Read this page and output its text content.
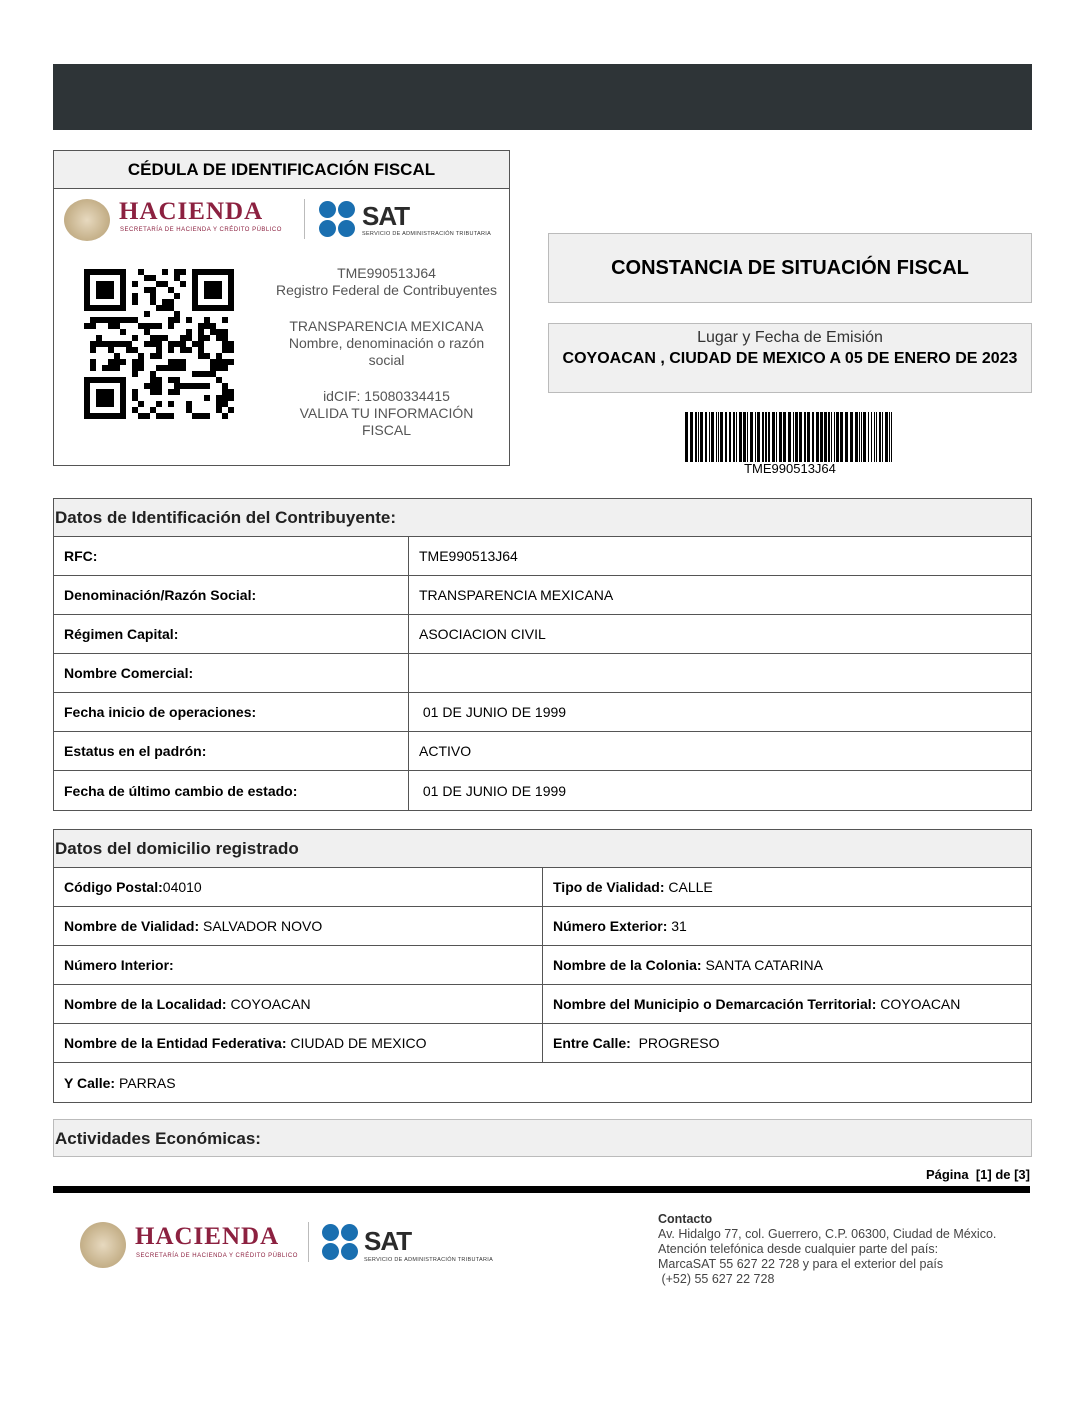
CÉDULA DE IDENTIFICACIÓN FISCAL
HACIENDA
SECRETARÍA DE HACIENDA Y CRÉDITO PÚBLICO	SAT
SERVICIO DE ADMINISTRACIÓN TRIBUTARIA
TME990513J64
Registro Federal de Contribuyentes
TRANSPARENCIA MEXICANA
Nombre, denominación o razón social
idCIF: 15080334415
VALIDA TU INFORMACIÓN FISCAL
CONSTANCIA DE SITUACIÓN FISCAL
Lugar y Fecha de Emisión
COYOACAN , CIUDAD DE MEXICO A 05 DE ENERO DE 2023
TME990513J64
Datos de Identificación del Contribuyente:
RFC:	TME990513J64
Denominación/Razón Social:	TRANSPARENCIA MEXICANA
Régimen Capital:	ASOCIACION CIVIL
Nombre Comercial:
Fecha inicio de operaciones:	01 DE JUNIO DE 1999
Estatus en el padrón:	ACTIVO
Fecha de último cambio de estado:	01 DE JUNIO DE 1999
Datos del domicilio registrado
Código Postal: 04010	Tipo de Vialidad: CALLE
Nombre de Vialidad: SALVADOR NOVO	Número Exterior: 31
Número Interior:	Nombre de la Colonia: SANTA CATARINA
Nombre de la Localidad: COYOACAN	Nombre del Municipio o Demarcación Territorial: COYOACAN
Nombre de la Entidad Federativa: CIUDAD DE MEXICO	Entre Calle: PROGRESO
Y Calle: PARRAS
Actividades Económicas:
Página  [1] de [3]
HACIENDA
SECRETARÍA DE HACIENDA Y CRÉDITO PÚBLICO	SAT
SERVICIO DE ADMINISTRACIÓN TRIBUTARIA
Contacto
Av. Hidalgo 77, col. Guerrero, C.P. 06300, Ciudad de México.
Atención telefónica desde cualquier parte del país:
MarcaSAT 55 627 22 728 y para el exterior del país
(+52) 55 627 22 728
